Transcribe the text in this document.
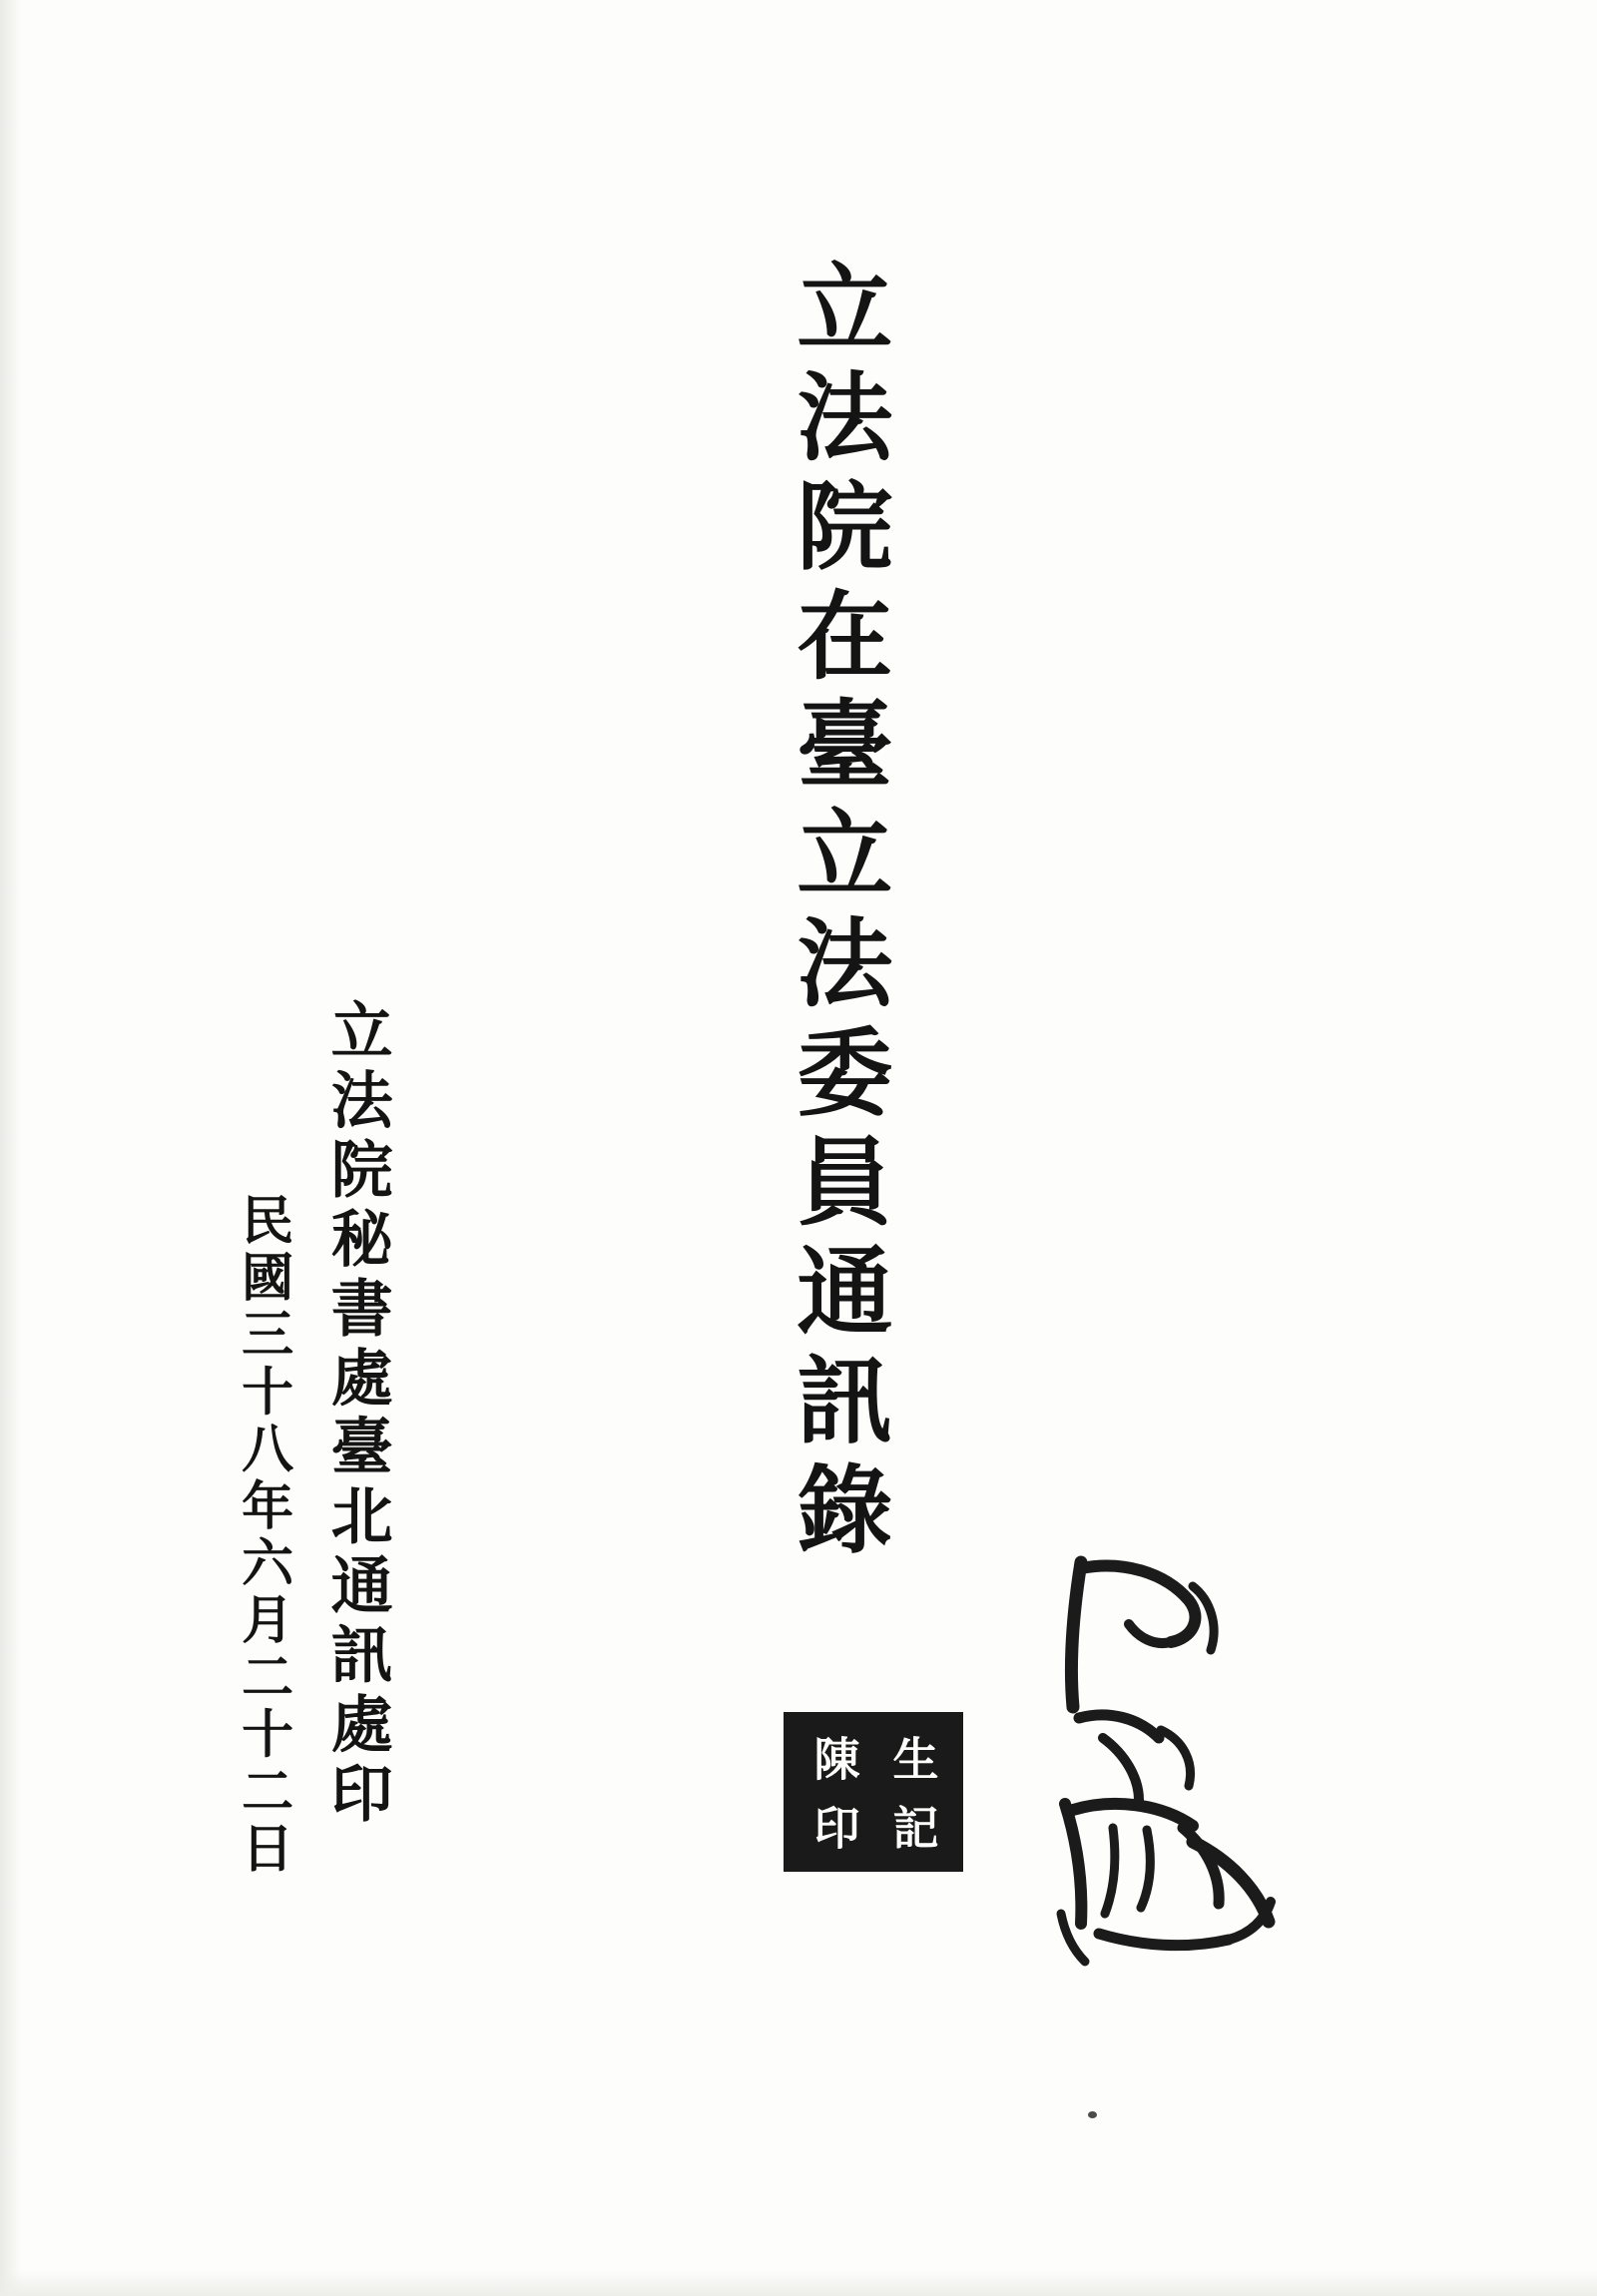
立法院在臺立法委員通訊錄
立法院秘書處臺北通訊處印
民國三十八年六月二十二日	陳 生
印 記
